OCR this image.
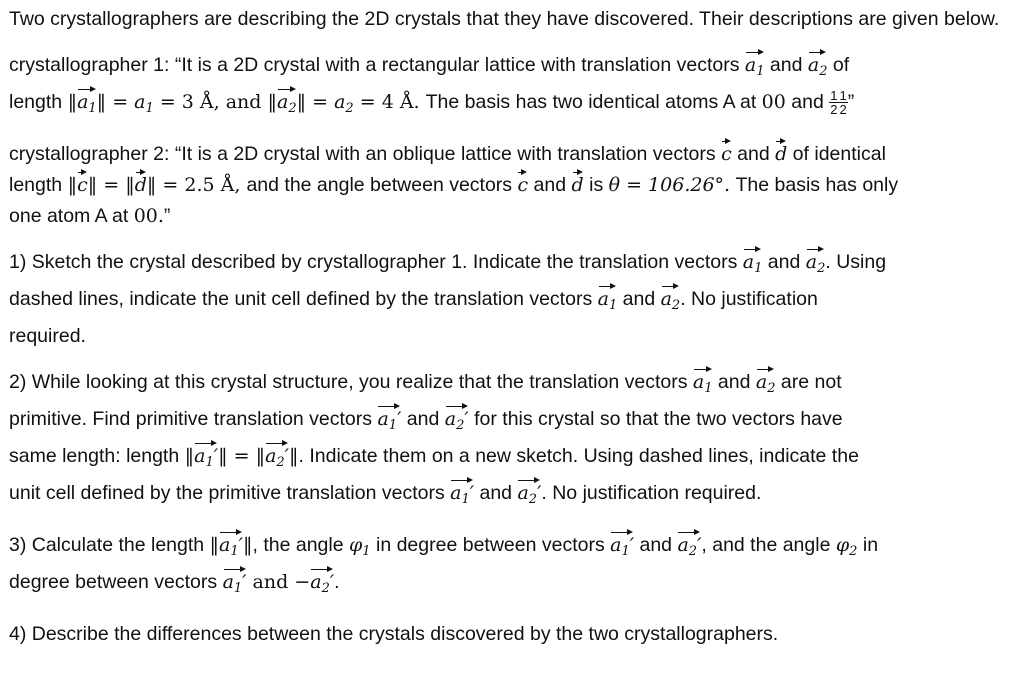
Two crystallographers are describing the 2D crystals that they have discovered. Their descriptions are given below.

crystallographer 1: “It is a 2D crystal with a rectangular lattice with translation vectors $a_1$ and $a_2$ of
length $‖a_1‖ = a_1 = 3$ Å, and $‖a_2‖ = a_2 = 4$ Å. The basis has two identical atoms A at 00 and $\frac{1}{2} \frac{1}{2}$ ”

crystallographer 2: “It is a 2D crystal with an oblique lattice with translation vectors c and d of identical
length ‖c‖ = ‖d‖ = 2.5 Å, and the angle between vectors c and d is θ = 106.26°. The basis has only
one atom A at 00.”

1) Sketch the crystal described by crystallographer 1. Indicate the translation vectors $a_1$ and $a_2$. Using
dashed lines, indicate the unit cell defined by the translation vectors $a_1$ and $a_2$. No justification
required.

2) While looking at this crystal structure, you realize that the translation vectors $a_1$ and $a_2$ are not
primitive. Find primitive translation vectors $a_1'$ and $a_2'$ for this crystal so that the two vectors have
same length: length $‖a_1'‖$ = $‖a_2'‖$. Indicate them on a new sketch. Using dashed lines, indicate the
unit cell defined by the primitive translation vectors $a_1'$ and $a_2'$. No justification required.

3) Calculate the length $‖a_1'‖$, the angle $\varphi_1$ in degree between vectors $a_1'$ and $a_2'$, and the angle $\varphi_2$ in
degree between vectors $a_1'$ and $-a_2'$.

4) Describe the differences between the crystals discovered by the two crystallographers.
